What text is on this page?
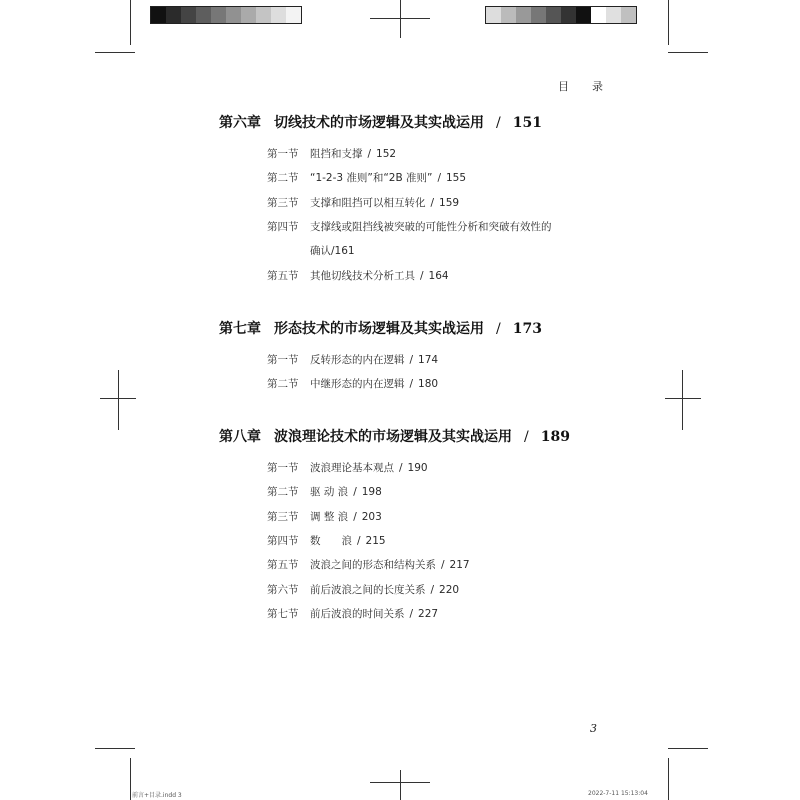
目　录
第六章 切线技术的市场逻辑及其实战运用 / 151
第一节 阻挡和支撑 / 152
第二节 “1-2-3 准则”和“2B 准则” / 155
第三节 支撑和阻挡可以相互转化 / 159
第四节 支撑线或阻挡线被突破的可能性分析和突破有效性的
确认/161
第五节 其他切线技术分析工具 / 164
第七章 形态技术的市场逻辑及其实战运用 / 173
第一节 反转形态的内在逻辑 / 174
第二节 中继形态的内在逻辑 / 180
第八章 波浪理论技术的市场逻辑及其实战运用 / 189
第一节 波浪理论基本观点 / 190
第二节 驱 动 浪 / 198
第三节 调 整 浪 / 203
第四节 数　　浪 / 215
第五节 波浪之间的形态和结构关系 / 217
第六节 前后波浪之间的长度关系 / 220
第七节 前后波浪的时间关系 / 227
3
前言+目录.indd 3	2022-7-11 15:13:04
